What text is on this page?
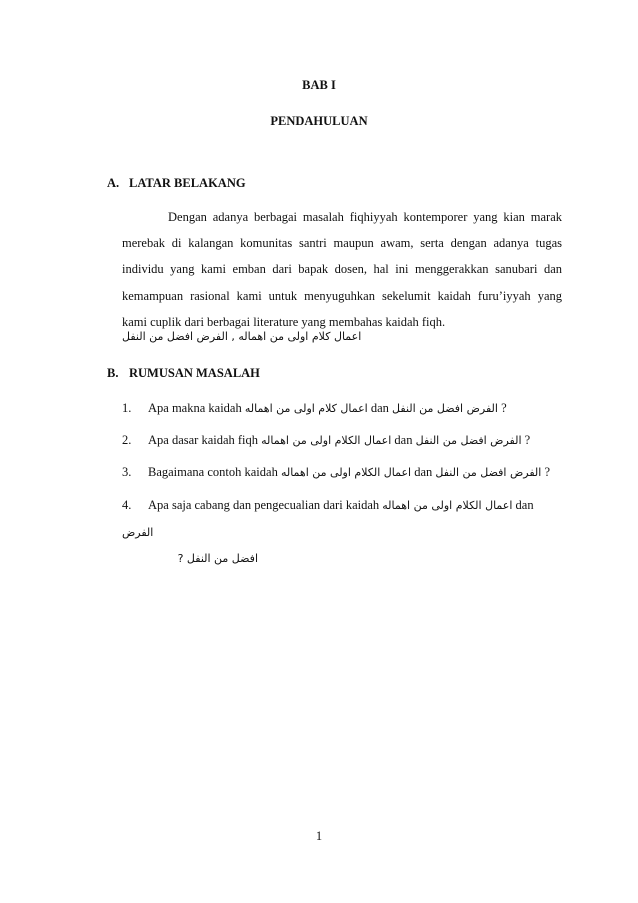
BAB I
PENDAHULUAN
A. LATAR BELAKANG
Dengan adanya berbagai masalah fiqhiyyah kontemporer yang kian marak
merebak di kalangan komunitas santri maupun awam, serta dengan adanya tugas
individu yang kami emban dari bapak dosen, hal ini menggerakkan sanubari dan
kemampuan rasional kami untuk menyuguhkan sekelumit kaidah furu’iyyah yang
kami cuplik dari berbagai literature yang membahas kaidah fiqh.
اعمال كلام اولى من اهماله , الفرض افضل من النفل
B. RUMUSAN MASALAH
1. Apa makna kaidah اعمال كلام اولى من اهماله dan الفرض افضل من النفل ?
2. Apa dasar kaidah fiqh اعمال الكلام اولى من اهماله dan الفرض افضل من النفل ?
3. Bagaimana contoh kaidah اعمال الكلام اولى من اهماله dan الفرض افضل من النفل ?
4. Apa saja cabang dan pengecualian dari kaidah اعمال الكلام اولى من اهماله dan الفرض
افضل من النفل ?
1
